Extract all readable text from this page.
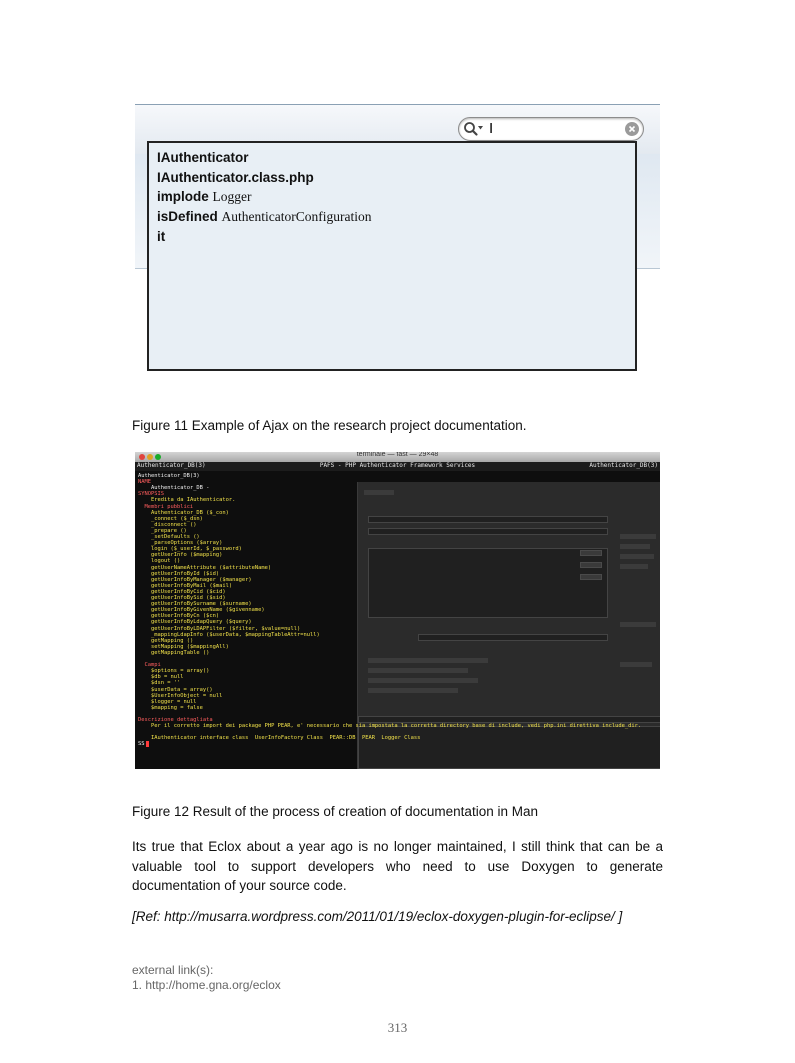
I
IAuthenticator
IAuthenticator.class.php
implode Logger
isDefined AuthenticatorConfiguration
it
Figure 11 Example of Ajax on the research project documentation.
terminale — fast — 29×48
Authenticator_DB(3)	PAFS - PHP Authenticator Framework Services	Authenticator_DB(3)
Authenticator_DB(3)
NAME
Authenticator_DB -
SYNOPSIS
Eredita da IAuthenticator.
Membri pubblici
Authenticator_DB ($_con)
_connect ($_dsn)
_disconnect ()
_prepare ()
_setDefaults ()
_parseOptions ($array)
login ($_userId, $_password)
getUserInfo ($mapping)
logout ()
getUserNameAttribute ($attributeName)
getUserInfoById ($id)
getUserInfoByManager ($manager)
getUserInfoByMail ($mail)
getUserInfoByCid ($cid)
getUserInfoBySid ($sid)
getUserInfoBySurname ($surname)
getUserInfoByGivenName ($givenname)
getUserInfoByCn ($cn)
getUserInfoByLdapQuery ($query)
getUserInfoByLDAPFilter ($filter, $value=null)
_mappingLdapInfo ($userData, $mappingTableAttr=null)
getMapping ()
setMapping ($mappingAll)
getMappingTable ()
Campi
$options = array()
$db = null
$dsn = ''
$userData = array()
$UserInfoObject = null
$logger = null
$mapping = false
Descrizione dettagliata
Per il corretto import dei package PHP PEAR, e' necessario che sia impostata la corretta directory base di include, vedi php.ini direttiva include_dir.
IAuthenticator interface class  UserInfoFactory Class  PEAR::DB  PEAR  Logger Class
SS
Figure 12 Result of the process of creation of documentation in Man
Its true that Eclox about a year ago is no longer maintained, I still think that can be a valuable tool to support developers who need to use Doxygen to generate documentation of your source code.
[Ref: http://musarra.wordpress.com/2011/01/19/eclox-doxygen-plugin-for-eclipse/ ]
external link(s):
1. http://home.gna.org/eclox
313
